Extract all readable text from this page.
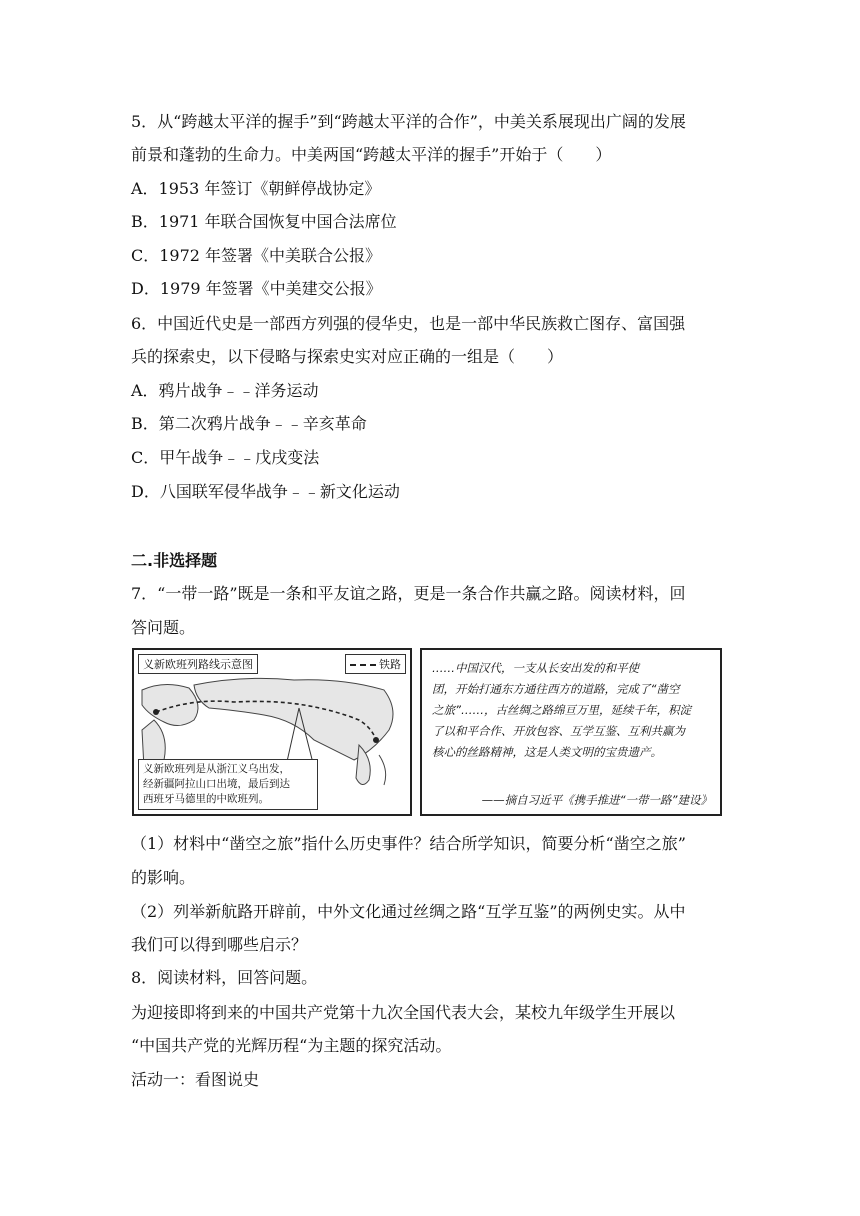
5．从“跨越太平洋的握手”到“跨越太平洋的合作”，中美关系展现出广阔的发展
前景和蓬勃的生命力。中美两国“跨越太平洋的握手”开始于（　　）
A．1953 年签订《朝鲜停战协定》
B．1971 年联合国恢复中国合法席位
C．1972 年签署《中美联合公报》
D．1979 年签署《中美建交公报》
6．中国近代史是一部西方列强的侵华史，也是一部中华民族救亡图存、富国强
兵的探索史，以下侵略与探索史实对应正确的一组是（　　）
A．鸦片战争﹣﹣洋务运动
B．第二次鸦片战争﹣﹣辛亥革命
C．甲午战争﹣﹣戊戌变法
D．八国联军侵华战争﹣﹣新文化运动
二.非选择题
7．“一带一路”既是一条和平友谊之路，更是一条合作共赢之路。阅读材料，回
答问题。
义新欧班列路线示意图	铁路
义新欧班列是从浙江义乌出发，
经新疆阿拉山口出境，最后到达
西班牙马德里的中欧班列。
……中国汉代，一支从长安出发的和平使
团，开始打通东方通往西方的道路，完成了“凿空
之旅”……，古丝绸之路绵亘万里，延续千年，积淀
了以和平合作、开放包容、互学互鉴、互利共赢为
核心的丝路精神，这是人类文明的宝贵遗产。
——摘自习近平《携手推进“一带一路”建设》
（1）材料中“凿空之旅”指什么历史事件？结合所学知识，简要分析“凿空之旅”
的影响。
（2）列举新航路开辟前，中外文化通过丝绸之路“互学互鉴”的两例史实。从中
我们可以得到哪些启示？
8．阅读材料，回答问题。
为迎接即将到来的中国共产党第十九次全国代表大会，某校九年级学生开展以
“中国共产党的光辉历程“为主题的探究活动。
活动一：看图说史
